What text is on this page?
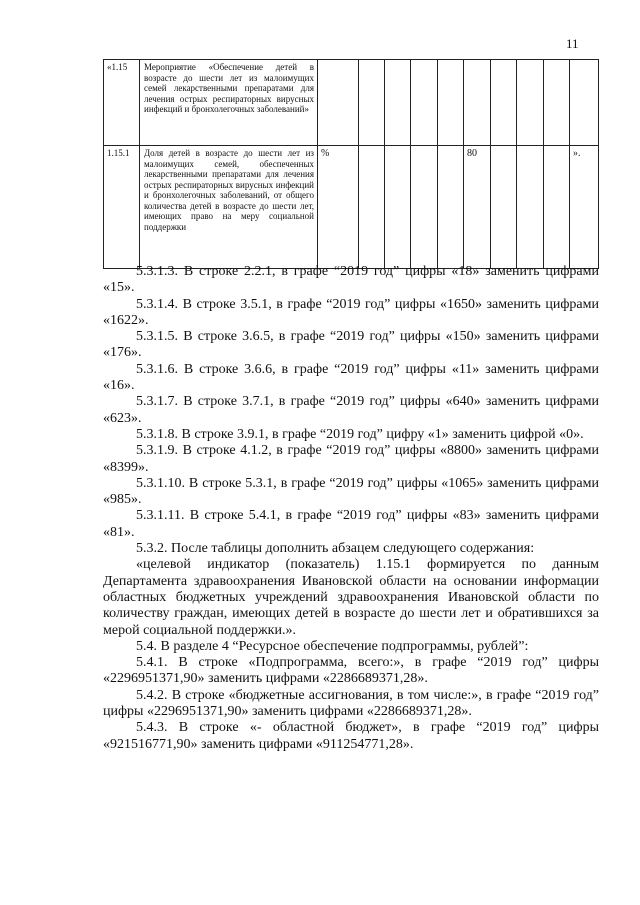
11
«1.15	Мероприятие «Обеспечение детей в возрасте до шести лет из малоимущих семей лекарственными препаратами для лечения острых респираторных вирусных инфекций и бронхолегочных заболеваний»										
1.15.1	Доля детей в возрасте до шести лет из малоимущих семей, обеспеченных лекарственными препаратами для лечения острых респираторных вирусных инфекций и бронхолегочных заболеваний, от общего количества детей в возрасте до шести лет, имеющих право на меру социальной поддержки	%					80				».

5.3.1.3. В строке 2.2.1, в графе “2019 год” цифры «18» заменить цифрами «15».

5.3.1.4. В строке 3.5.1, в графе “2019 год” цифры «1650» заменить цифрами «1622».

5.3.1.5. В строке 3.6.5, в графе “2019 год” цифры «150» заменить цифрами «176».

5.3.1.6. В строке 3.6.6, в графе “2019 год” цифры «11» заменить цифрами «16».

5.3.1.7. В строке 3.7.1, в графе “2019 год” цифры «640» заменить цифрами «623».

5.3.1.8. В строке 3.9.1, в графе “2019 год” цифру «1» заменить цифрой «0».

5.3.1.9. В строке 4.1.2, в графе “2019 год” цифры «8800» заменить цифрами «8399».

5.3.1.10. В строке 5.3.1, в графе “2019 год” цифры «1065» заменить цифрами «985».

5.3.1.11. В строке 5.4.1, в графе “2019 год” цифры «83» заменить цифрами «81».

5.3.2. После таблицы дополнить абзацем следующего содержания:

«целевой индикатор (показатель) 1.15.1 формируется по данным Департамента здравоохранения Ивановской области на основании информации областных бюджетных учреждений здравоохранения Ивановской области по количеству граждан, имеющих детей в возрасте до шести лет и обратившихся за мерой социальной поддержки.».

5.4. В разделе 4 “Ресурсное обеспечение подпрограммы, рублей”:

5.4.1. В строке «Подпрограмма, всего:», в графе “2019 год” цифры «2296951371,90» заменить цифрами «2286689371,28».

5.4.2. В строке «бюджетные ассигнования, в том числе:», в графе “2019 год” цифры «2296951371,90» заменить цифрами «2286689371,28».

5.4.3. В строке «- областной бюджет», в графе “2019 год” цифры «921516771,90» заменить цифрами «911254771,28».
